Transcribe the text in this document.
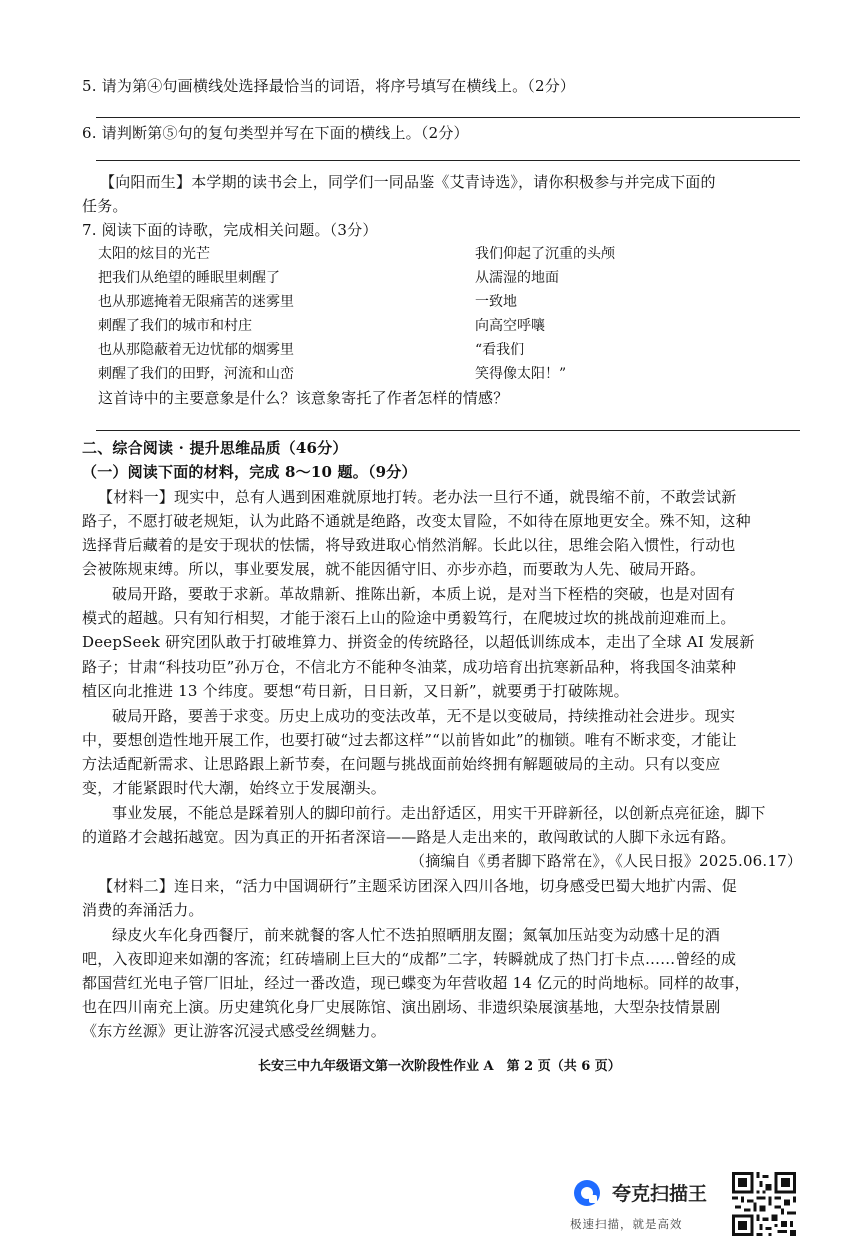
5. 请为第④句画横线处选择最恰当的词语，将序号填写在横线上。（2分）
6. 请判断第⑤句的复句类型并写在下面的横线上。（2分）
【向阳而生】本学期的读书会上，同学们一同品鉴《艾青诗选》，请你积极参与并完成下面的
任务。
7. 阅读下面的诗歌，完成相关问题。（3分）
太阳的炫目的光芒
把我们从绝望的睡眠里刺醒了
也从那遮掩着无限痛苦的迷雾里
刺醒了我们的城市和村庄
也从那隐蔽着无边忧郁的烟雾里
刺醒了我们的田野，河流和山峦
我们仰起了沉重的头颅
从濡湿的地面
一致地
向高空呼嚷
“看我们
笑得像太阳！”
这首诗中的主要意象是什么？该意象寄托了作者怎样的情感？
二、综合阅读 · 提升思维品质（46分）
（一）阅读下面的材料，完成 8～10 题。（9分）
【材料一】现实中，总有人遇到困难就原地打转。老办法一旦行不通，就畏缩不前，不敢尝试新
路子，不愿打破老规矩，认为此路不通就是绝路，改变太冒险，不如待在原地更安全。殊不知，这种
选择背后藏着的是安于现状的怯懦，将导致进取心悄然消解。长此以往，思维会陷入惯性，行动也
会被陈规束缚。所以，事业要发展，就不能因循守旧、亦步亦趋，而要敢为人先、破局开路。
破局开路，要敢于求新。革故鼎新、推陈出新，本质上说，是对当下桎梏的突破，也是对固有
模式的超越。只有知行相契，才能于滚石上山的险途中勇毅笃行，在爬坡过坎的挑战前迎难而上。
DeepSeek 研究团队敢于打破堆算力、拼资金的传统路径，以超低训练成本，走出了全球 AI 发展新
路子；甘肃“科技功臣”孙万仓，不信北方不能种冬油菜，成功培育出抗寒新品种，将我国冬油菜种
植区向北推进 13 个纬度。要想“苟日新，日日新，又日新”，就要勇于打破陈规。
破局开路，要善于求变。历史上成功的变法改革，无不是以变破局，持续推动社会进步。现实
中，要想创造性地开展工作，也要打破“过去都这样”“以前皆如此”的枷锁。唯有不断求变，才能让
方法适配新需求、让思路跟上新节奏，在问题与挑战面前始终拥有解题破局的主动。只有以变应
变，才能紧跟时代大潮，始终立于发展潮头。
事业发展，不能总是踩着别人的脚印前行。走出舒适区，用实干开辟新径，以创新点亮征途，脚下
的道路才会越拓越宽。因为真正的开拓者深谙——路是人走出来的，敢闯敢试的人脚下永远有路。
（摘编自《勇者脚下路常在》，《人民日报》2025.06.17）
【材料二】连日来，“活力中国调研行”主题采访团深入四川各地，切身感受巴蜀大地扩内需、促
消费的奔涌活力。
绿皮火车化身西餐厅，前来就餐的客人忙不迭拍照晒朋友圈；氮氧加压站变为动感十足的酒
吧，入夜即迎来如潮的客流；红砖墙刷上巨大的“成都”二字，转瞬就成了热门打卡点……曾经的成
都国营红光电子管厂旧址，经过一番改造，现已蝶变为年营收超 14 亿元的时尚地标。同样的故事，
也在四川南充上演。历史建筑化身厂史展陈馆、演出剧场、非遗织染展演基地，大型杂技情景剧
《东方丝源》更让游客沉浸式感受丝绸魅力。
长安三中九年级语文第一次阶段性作业 A　第 2 页（共 6 页）
夸克扫描王
极速扫描，就是高效
